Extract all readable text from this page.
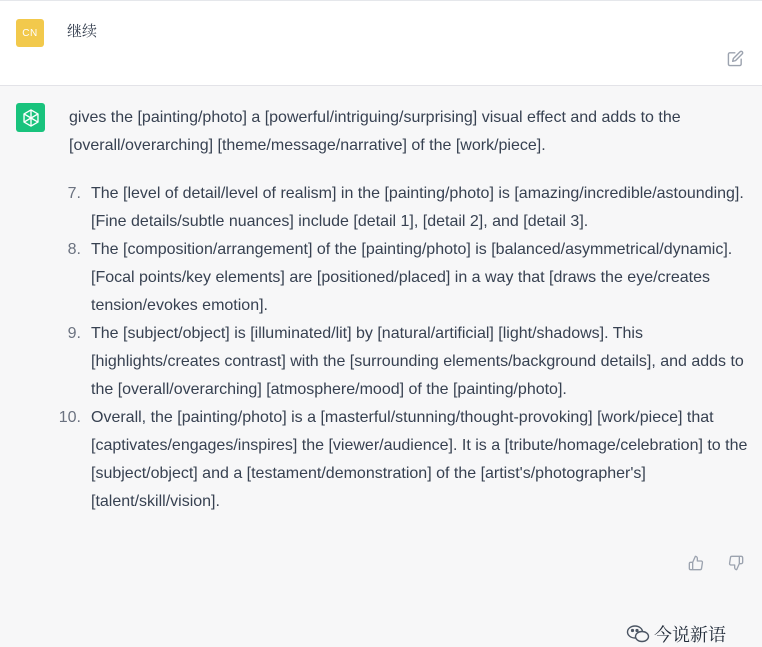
CN	继续

gives the [painting/photo] a [powerful/intriguing/surprising] visual effect and adds to the [overall/overarching] [theme/message/narrative] of the [work/piece].

7. The [level of detail/level of realism] in the [painting/photo] is [amazing/incredible/astounding]. [Fine details/subtle nuances] include [detail 1], [detail 2], and [detail 3].
8. The [composition/arrangement] of the [painting/photo] is [balanced/asymmetrical/dynamic]. [Focal points/key elements] are [positioned/placed] in a way that [draws the eye/creates tension/evokes emotion].
9. The [subject/object] is [illuminated/lit] by [natural/artificial] [light/shadows]. This [highlights/creates contrast] with the [surrounding elements/background details], and adds to the [overall/overarching] [atmosphere/mood] of the [painting/photo].
10. Overall, the [painting/photo] is a [masterful/stunning/thought-provoking] [work/piece] that [captivates/engages/inspires] the [viewer/audience]. It is a [tribute/homage/celebration] to the [subject/object] and a [testament/demonstration] of the [artist's/photographer's] [talent/skill/vision].
今说新语
